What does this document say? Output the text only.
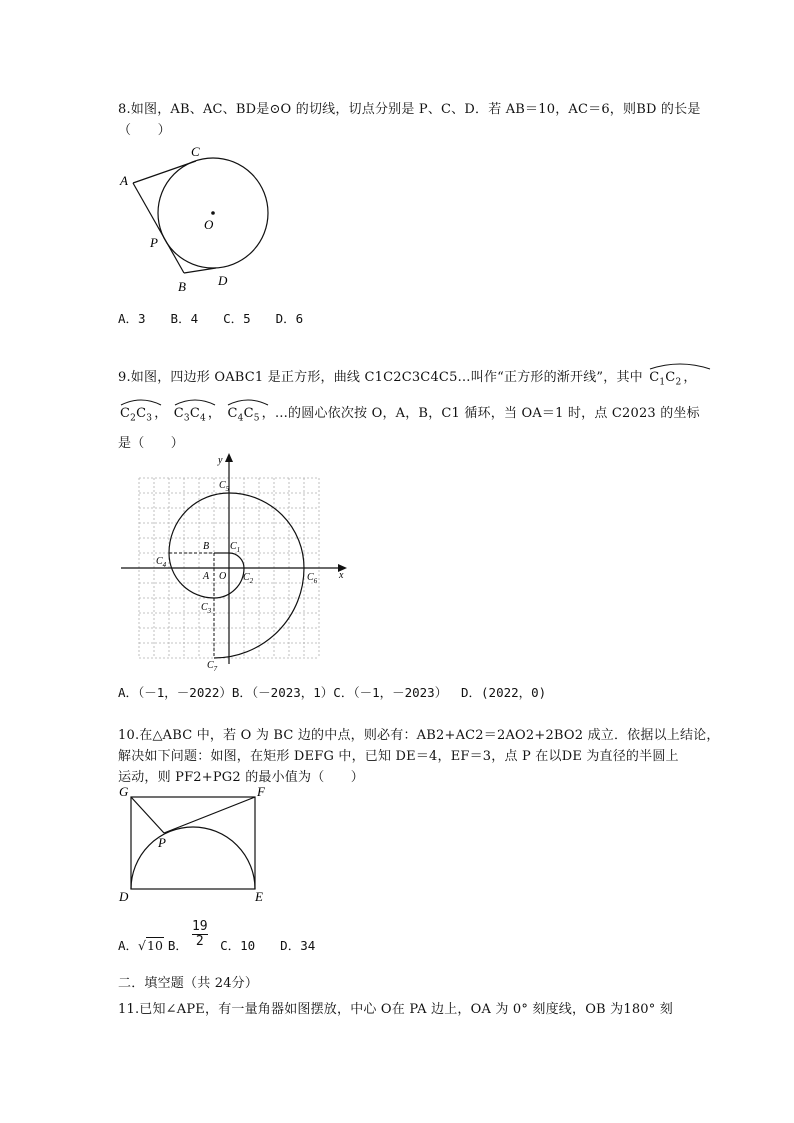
8.如图，AB、AC、BD是⊙O 的切线，切点分别是 P、C、D．若 AB＝10，AC＝6，则BD 的长是
（　　）
C
A
O
P
D
B
A．3　　B．4　　C．5　　D．6
9.如图，四边形 OABC1 是正方形，曲线 C1C2C3C4C5…叫作“正方形的渐开线”，其中 $C_1C_2$ ，
$C_2C_3$ ，
$C_3C_4$ ，
$C_4C_5$ ，…的圆心依次按 O，A，B，C1 循环，当 OA＝1 时，点 C2023 的坐标
是（　　）
y
x
O
A
B $C_1$
$C_2$
$C_3$
$C_4$
$C_5$
$C_6$
$C_7$
A．（－1，－2022）B．（－2023，1）C．（－1，－2023）　 D．(2022，0)
10.在△ABC 中，若 O 为 BC 边的中点，则必有：AB2+AC2＝2AO2+2BO2 成立．依据以上结论，
解决如下问题：如图，在矩形 DEFG 中，已知 DE＝4，EF＝3，点 P 在以DE 为直径的半圆上
运动，则 PF2+PG2 的最小值为（　　）
G	F
P
D	E
A．√10 B． $\frac{19}{2}$ 　C．10　　D．34
二．填空题（共 24分）
11.已知∠APE，有一量角器如图摆放，中心 O在 PA 边上，OA 为 0° 刻度线，OB 为180° 刻
